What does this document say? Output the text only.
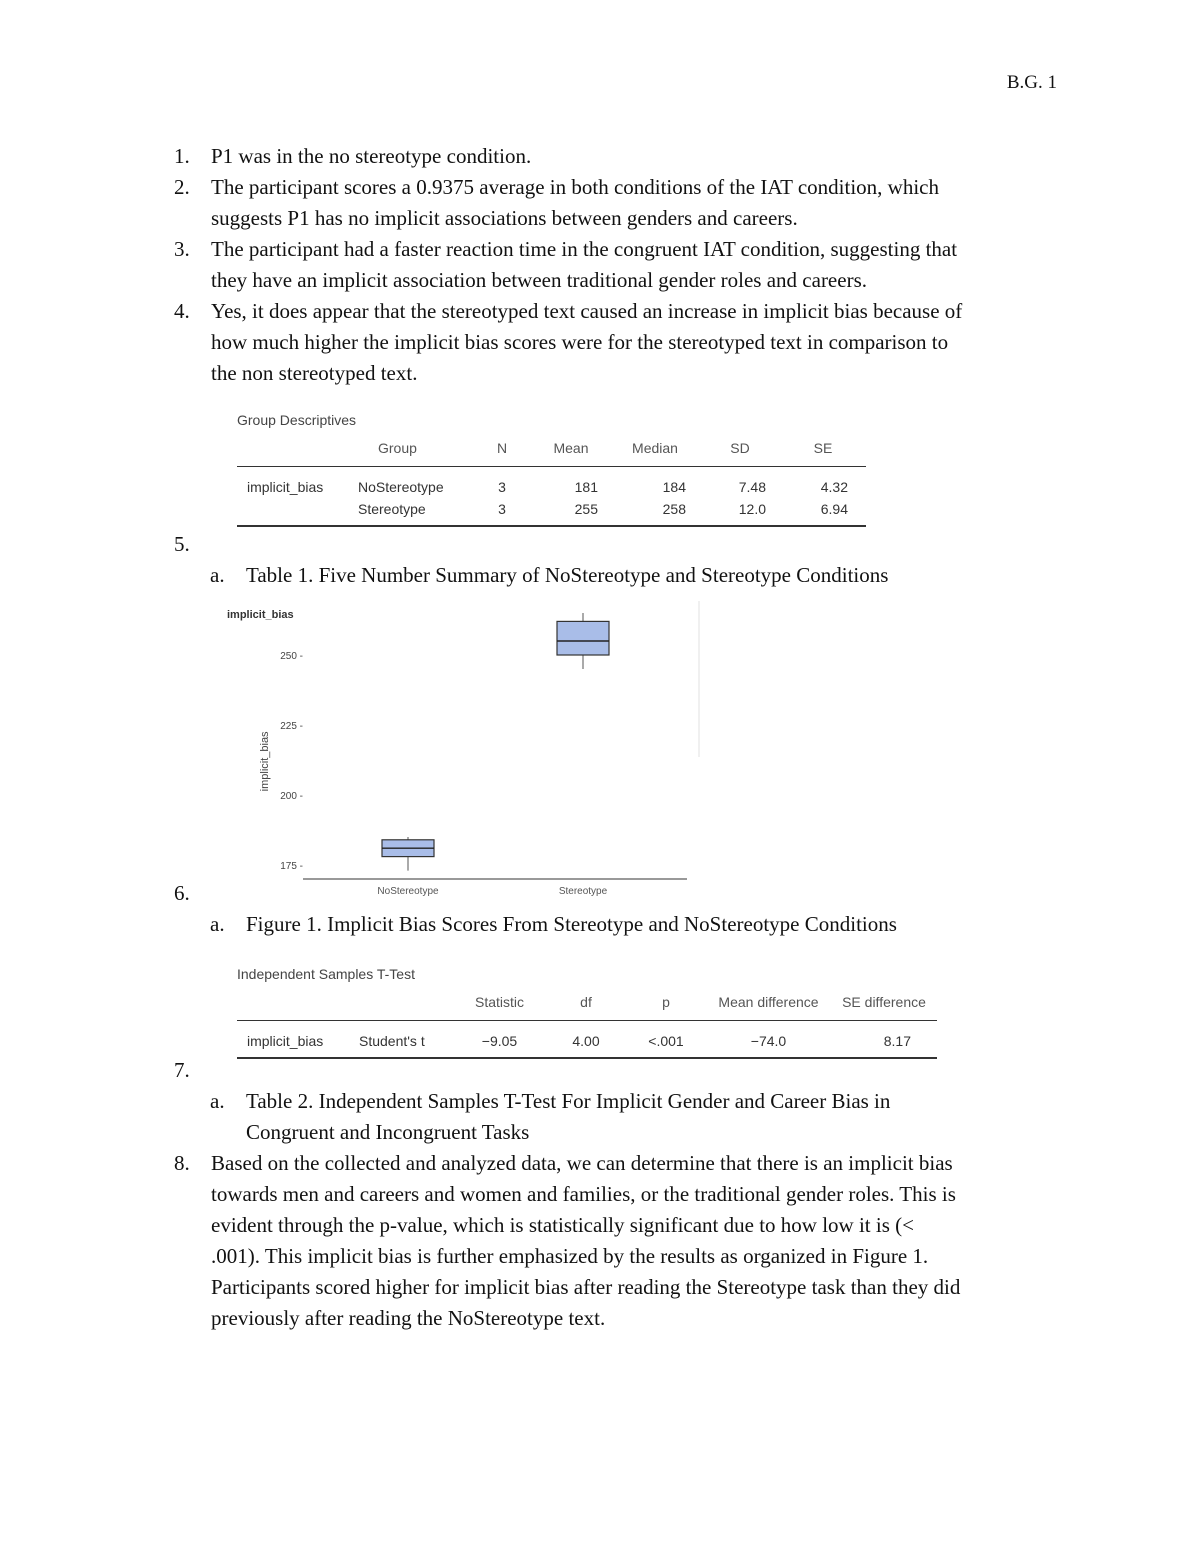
B.G. 1
1. P1 was in the no stereotype condition.
2. The participant scores a 0.9375 average in both conditions of the IAT condition, which
suggests P1 has no implicit associations between genders and careers.
3. The participant had a faster reaction time in the congruent IAT condition, suggesting that
they have an implicit association between traditional gender roles and careers.
4. Yes, it does appear that the stereotyped text caused an increase in implicit bias because of
how much higher the implicit bias scores were for the stereotyped text in comparison to
the non stereotyped text.
Group Descriptives
	Group	N	Mean	Median	SD	SE
implicit_bias	NoStereotype	3	181	184	7.48	4.32
	Stereotype	3	255	258	12.0	6.94
5.

a. Table 1. Five Number Summary of NoStereotype and Stereotype Conditions
implicit_bias
implicit_bias
175 -
200 -
225 -
250 -
NoStereotype	Stereotype
6.

a. Figure 1. Implicit Bias Scores From Stereotype and NoStereotype Conditions
Independent Samples T-Test
		Statistic	df	p	Mean difference	SE difference
implicit_bias	Student's t	−9.05	4.00	<.001	−74.0	8.17
7.

a. Table 2. Independent Samples T-Test For Implicit Gender and Career Bias in
Congruent and Incongruent Tasks
8. Based on the collected and analyzed data, we can determine that there is an implicit bias
towards men and careers and women and families, or the traditional gender roles. This is
evident through the p-value, which is statistically significant due to how low it is (<
.001). This implicit bias is further emphasized by the results as organized in Figure 1.
Participants scored higher for implicit bias after reading the Stereotype task than they did
previously after reading the NoStereotype text.
